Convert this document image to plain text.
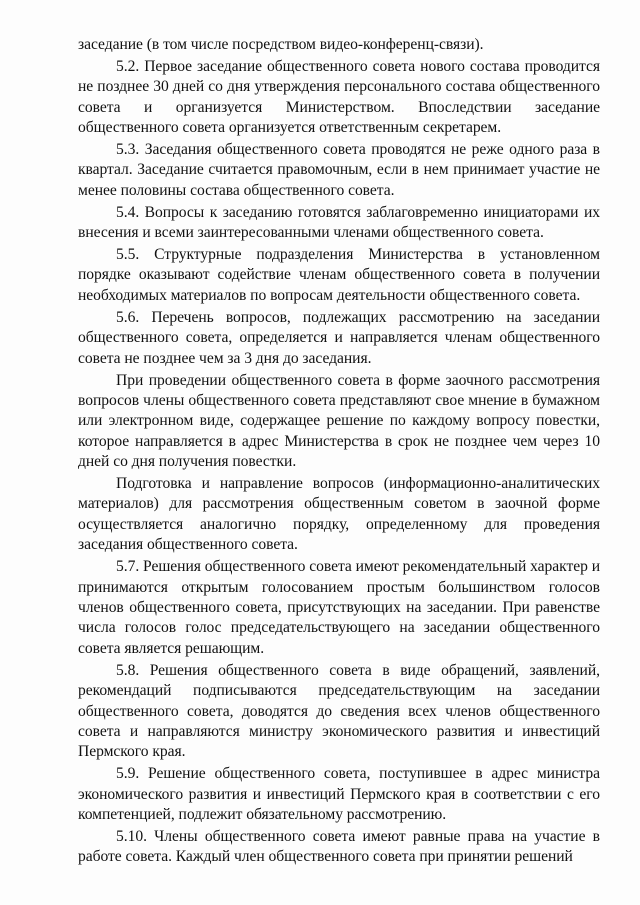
заседание (в том числе посредством видео-конференц-связи).

5.2. Первое заседание общественного совета нового состава проводится не позднее 30 дней со дня утверждения персонального состава общественного совета и организуется Министерством. Впоследствии заседание общественного совета организуется ответственным секретарем.

5.3. Заседания общественного совета проводятся не реже одного раза в квартал. Заседание считается правомочным, если в нем принимает участие не менее половины состава общественного совета.

5.4. Вопросы к заседанию готовятся заблаговременно инициаторами их внесения и всеми заинтересованными членами общественного совета.

5.5. Структурные подразделения Министерства в установленном порядке оказывают содействие членам общественного совета в получении необходимых материалов по вопросам деятельности общественного совета.

5.6. Перечень вопросов, подлежащих рассмотрению на заседании общественного совета, определяется и направляется членам общественного совета не позднее чем за 3 дня до заседания.

При проведении общественного совета в форме заочного рассмотрения вопросов члены общественного совета представляют свое мнение в бумажном или электронном виде, содержащее решение по каждому вопросу повестки, которое направляется в адрес Министерства в срок не позднее чем через 10 дней со дня получения повестки.

Подготовка и направление вопросов (информационно-аналитических материалов) для рассмотрения общественным советом в заочной форме осуществляется аналогично порядку, определенному для проведения заседания общественного совета.

5.7. Решения общественного совета имеют рекомендательный характер и принимаются открытым голосованием простым большинством голосов членов общественного совета, присутствующих на заседании. При равенстве числа голосов голос председательствующего на заседании общественного совета является решающим.

5.8. Решения общественного совета в виде обращений, заявлений, рекомендаций подписываются председательствующим на заседании общественного совета, доводятся до сведения всех членов общественного совета и направляются министру экономического развития и инвестиций Пермского края.

5.9. Решение общественного совета, поступившее в адрес министра экономического развития и инвестиций Пермского края в соответствии с его компетенцией, подлежит обязательному рассмотрению.

5.10. Члены общественного совета имеют равные права на участие в работе совета. Каждый член общественного совета при принятии решений
